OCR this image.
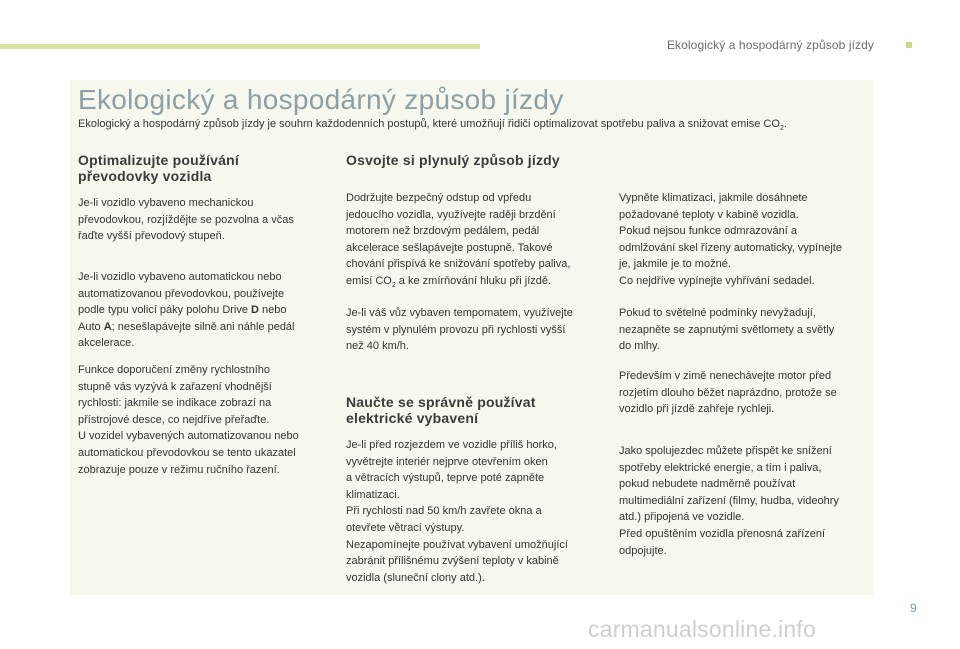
Ekologický a hospodárný způsob jízdy
Ekologický a hospodárný způsob jízdy
Ekologický a hospodárný způsob jízdy je souhrn každodenních postupů, které umožňují řidiči optimalizovat spotřebu paliva a snižovat emise $CO_2$.
Optimalizujte používání
převodovky vozidla
Je-li vozidlo vybaveno mechanickou
převodovkou, rozjíždějte se pozvolna a včas
řaďte vyšší převodový stupeň.
Je-li vozidlo vybaveno automatickou nebo
automatizovanou převodovkou, používejte
podle typu volicí páky polohu Drive D nebo
Auto A; nesešlapávejte silně ani náhle pedál
akcelerace.
Funkce doporučení změny rychlostního
stupně vás vyzývá k zařazení vhodnější
rychlosti: jakmile se indikace zobrazí na
přístrojové desce, co nejdříve přeřaďte.
U vozidel vybavených automatizovanou nebo
automatickou převodovkou se tento ukazatel
zobrazuje pouze v režimu ručního řazení.
Osvojte si plynulý způsob jízdy
Dodržujte bezpečný odstup od vpředu
jedoucího vozidla, využívejte raději brzdění
motorem než brzdovým pedálem, pedál
akcelerace sešlapávejte postupně. Takové
chování přispívá ke snižování spotřeby paliva,
emisí $CO_2$ a ke zmírňování hluku při jízdě.
Je-li váš vůz vybaven tempomatem, využívejte
systém v plynulém provozu při rychlosti vyšší
než 40 km/h.
Naučte se správně používat
elektrické vybavení
Je-li před rozjezdem ve vozidle příliš horko,
vyvětrejte interiér nejprve otevřením oken
a větracích výstupů, teprve poté zapněte
klimatizaci.
Při rychlosti nad 50 km/h zavřete okna a
otevřete větrací výstupy.
Nezapomínejte používat vybavení umožňující
zabránit přílišnému zvýšení teploty v kabině
vozidla (sluneční clony atd.).
Vypněte klimatizaci, jakmile dosáhnete
požadované teploty v kabině vozidla.
Pokud nejsou funkce odmrazování a
odmlžování skel řízeny automaticky, vypínejte
je, jakmile je to možné.
Co nejdříve vypínejte vyhřívání sedadel.
Pokud to světelné podmínky nevyžadují,
nezapněte se zapnutými světlomety a světly
do mlhy.
Především v zimě nenechávejte motor před
rozjetím dlouho běžet naprázdno, protože se
vozidlo při jízdě zahřeje rychleji.
Jako spolujezdec můžete přispět ke snížení
spotřeby elektrické energie, a tím i paliva,
pokud nebudete nadměrně používat
multimediální zařízení (filmy, hudba, videohry
atd.) připojená ve vozidle.
Před opuštěním vozidla přenosná zařízení
odpojujte.
9
carmanualsonline.info
